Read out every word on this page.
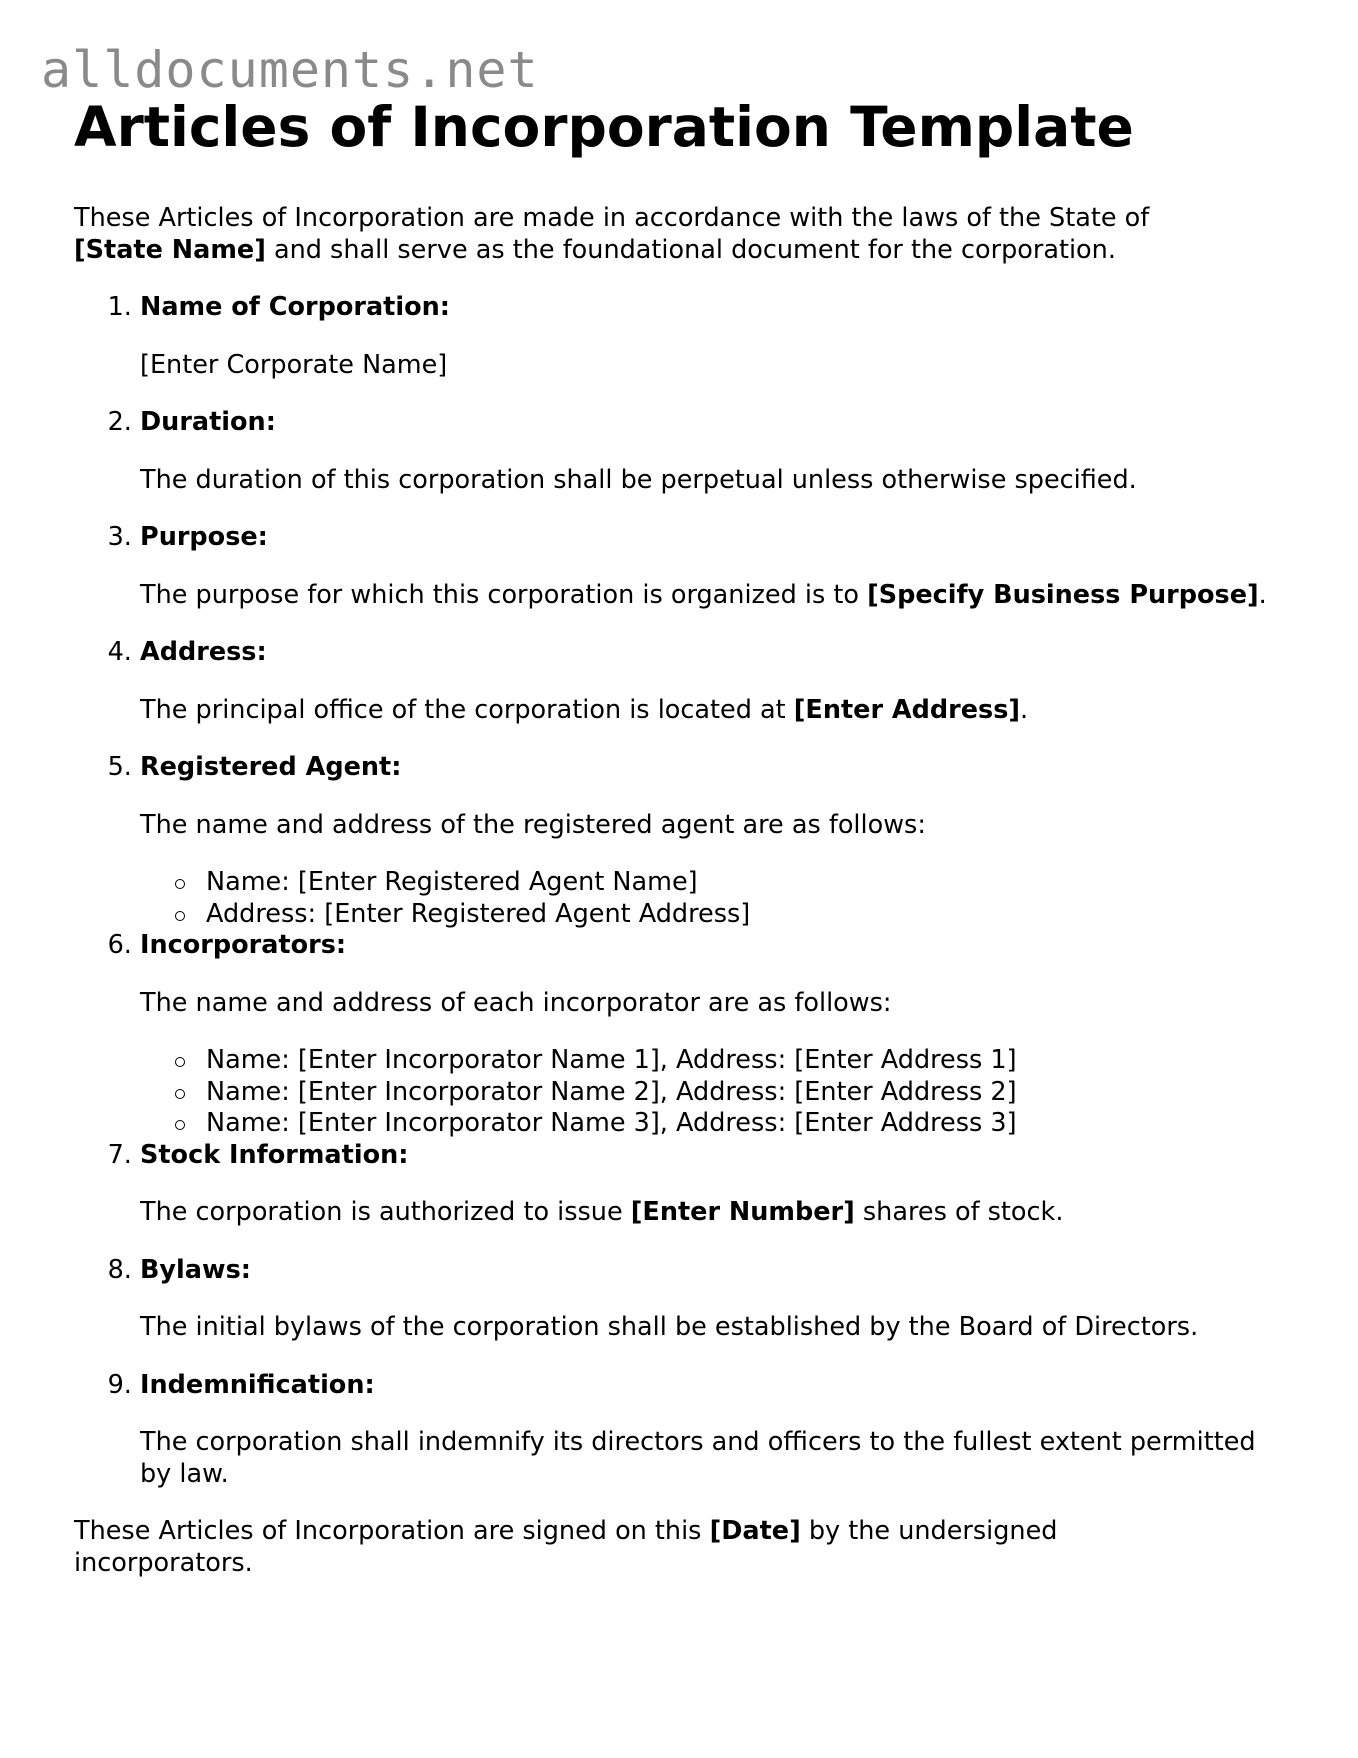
alldocuments.net
Articles of Incorporation Template

These Articles of Incorporation are made in accordance with the laws of the State of [State Name] and shall serve as the foundational document for the corporation.

1. Name of Corporation:

[Enter Corporate Name]

2. Duration:

The duration of this corporation shall be perpetual unless otherwise specified.

3. Purpose:

The purpose for which this corporation is organized is to [Specify Business Purpose].

4. Address:

The principal office of the corporation is located at [Enter Address].

5. Registered Agent:

The name and address of the registered agent are as follows:

Name: [Enter Registered Agent Name]
Address: [Enter Registered Agent Address]
6. Incorporators:

The name and address of each incorporator are as follows:

Name: [Enter Incorporator Name 1], Address: [Enter Address 1]
Name: [Enter Incorporator Name 2], Address: [Enter Address 2]
Name: [Enter Incorporator Name 3], Address: [Enter Address 3]
7. Stock Information:

The corporation is authorized to issue [Enter Number] shares of stock.

8. Bylaws:

The initial bylaws of the corporation shall be established by the Board of Directors.

9. Indemnification:

The corporation shall indemnify its directors and officers to the fullest extent permitted by law.

These Articles of Incorporation are signed on this [Date] by the undersigned incorporators.
